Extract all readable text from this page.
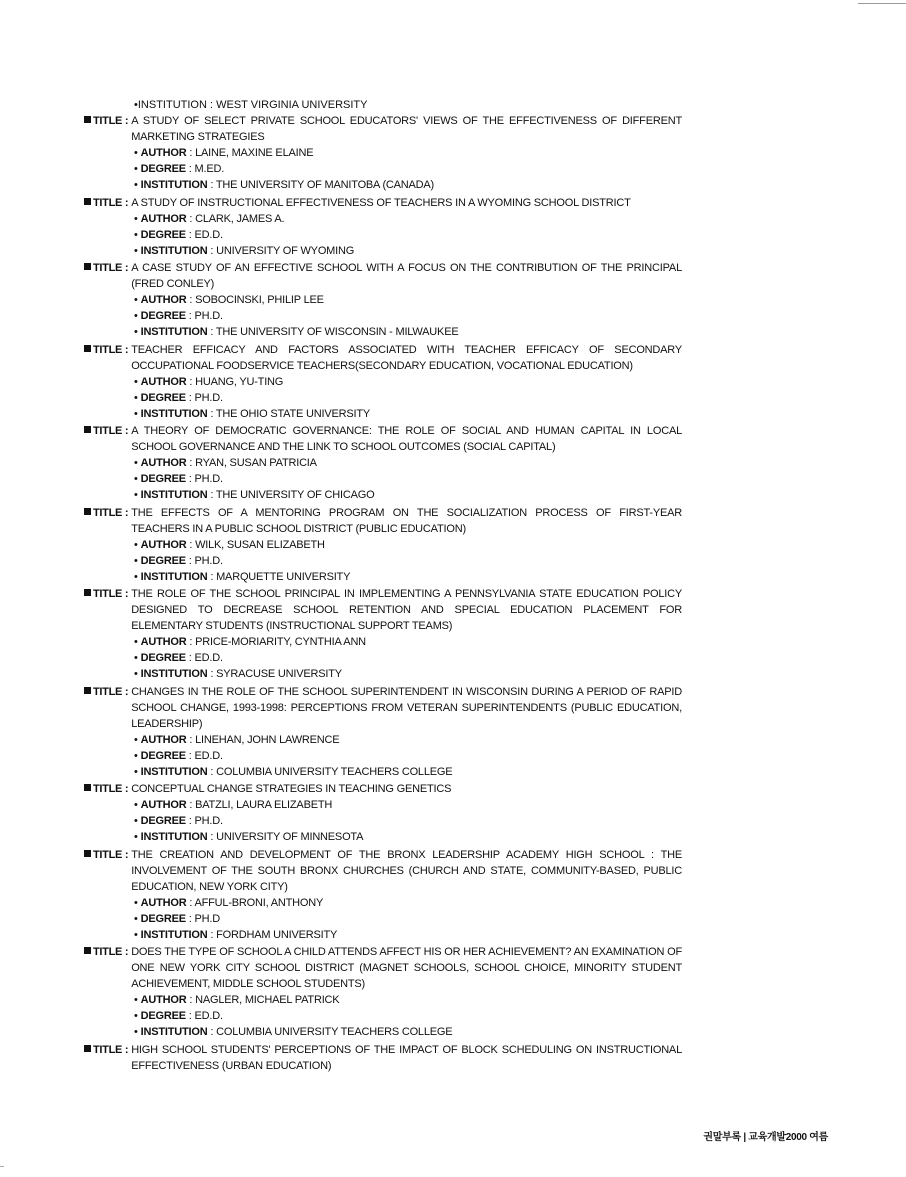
•INSTITUTION : WEST VIRGINIA UNIVERSITY
TITLE : A STUDY OF SELECT PRIVATE SCHOOL EDUCATORS' VIEWS OF THE EFFECTIVENESS OF DIFFERENT MARKETING STRATEGIES
• AUTHOR : LAINE, MAXINE ELAINE
• DEGREE : M.ED.
• INSTITUTION : THE UNIVERSITY OF MANITOBA (CANADA)
TITLE : A STUDY OF INSTRUCTIONAL EFFECTIVENESS OF TEACHERS IN A WYOMING SCHOOL DISTRICT
• AUTHOR : CLARK, JAMES A.
• DEGREE : ED.D.
• INSTITUTION : UNIVERSITY OF WYOMING
TITLE : A CASE STUDY OF AN EFFECTIVE SCHOOL WITH A FOCUS ON THE CONTRIBUTION OF THE PRINCIPAL (FRED CONLEY)
• AUTHOR : SOBOCINSKI, PHILIP LEE
• DEGREE : PH.D.
• INSTITUTION : THE UNIVERSITY OF WISCONSIN - MILWAUKEE
TITLE : TEACHER EFFICACY AND FACTORS ASSOCIATED WITH TEACHER EFFICACY OF SECONDARY OCCUPATIONAL FOODSERVICE TEACHERS(SECONDARY EDUCATION, VOCATIONAL EDUCATION)
• AUTHOR : HUANG, YU-TING
• DEGREE : PH.D.
• INSTITUTION : THE OHIO STATE UNIVERSITY
TITLE : A THEORY OF DEMOCRATIC GOVERNANCE: THE ROLE OF SOCIAL AND HUMAN CAPITAL IN LOCAL SCHOOL GOVERNANCE AND THE LINK TO SCHOOL OUTCOMES (SOCIAL CAPITAL)
• AUTHOR : RYAN, SUSAN PATRICIA
• DEGREE : PH.D.
• INSTITUTION : THE UNIVERSITY OF CHICAGO
TITLE : THE EFFECTS OF A MENTORING PROGRAM ON THE SOCIALIZATION PROCESS OF FIRST-YEAR TEACHERS IN A PUBLIC SCHOOL DISTRICT (PUBLIC EDUCATION)
• AUTHOR : WILK, SUSAN ELIZABETH
• DEGREE : PH.D.
• INSTITUTION : MARQUETTE UNIVERSITY
TITLE : THE ROLE OF THE SCHOOL PRINCIPAL IN IMPLEMENTING A PENNSYLVANIA STATE EDUCATION POLICY DESIGNED TO DECREASE SCHOOL RETENTION AND SPECIAL EDUCATION PLACEMENT FOR ELEMENTARY STUDENTS (INSTRUCTIONAL SUPPORT TEAMS)
• AUTHOR : PRICE-MORIARITY, CYNTHIA ANN
• DEGREE : ED.D.
• INSTITUTION : SYRACUSE UNIVERSITY
TITLE : CHANGES IN THE ROLE OF THE SCHOOL SUPERINTENDENT IN WISCONSIN DURING A PERIOD OF RAPID SCHOOL CHANGE, 1993-1998: PERCEPTIONS FROM VETERAN SUPERINTENDENTS (PUBLIC EDUCATION, LEADERSHIP)
• AUTHOR : LINEHAN, JOHN LAWRENCE
• DEGREE : ED.D.
• INSTITUTION : COLUMBIA UNIVERSITY TEACHERS COLLEGE
TITLE : CONCEPTUAL CHANGE STRATEGIES IN TEACHING GENETICS
• AUTHOR : BATZLI, LAURA ELIZABETH
• DEGREE : PH.D.
• INSTITUTION : UNIVERSITY OF MINNESOTA
TITLE : THE CREATION AND DEVELOPMENT OF THE BRONX LEADERSHIP ACADEMY HIGH SCHOOL : THE INVOLVEMENT OF THE SOUTH BRONX CHURCHES (CHURCH AND STATE, COMMUNITY-BASED, PUBLIC EDUCATION, NEW YORK CITY)
• AUTHOR : AFFUL-BRONI, ANTHONY
• DEGREE : PH.D
• INSTITUTION : FORDHAM UNIVERSITY
TITLE : DOES THE TYPE OF SCHOOL A CHILD ATTENDS AFFECT HIS OR HER ACHIEVEMENT? AN EXAMINATION OF ONE NEW YORK CITY SCHOOL DISTRICT (MAGNET SCHOOLS, SCHOOL CHOICE, MINORITY STUDENT ACHIEVEMENT, MIDDLE SCHOOL STUDENTS)
• AUTHOR : NAGLER, MICHAEL PATRICK
• DEGREE : ED.D.
• INSTITUTION : COLUMBIA UNIVERSITY TEACHERS COLLEGE
TITLE : HIGH SCHOOL STUDENTS' PERCEPTIONS OF THE IMPACT OF BLOCK SCHEDULING ON INSTRUCTIONAL EFFECTIVENESS (URBAN EDUCATION)
권말부록 | 교육개발2000 여름
